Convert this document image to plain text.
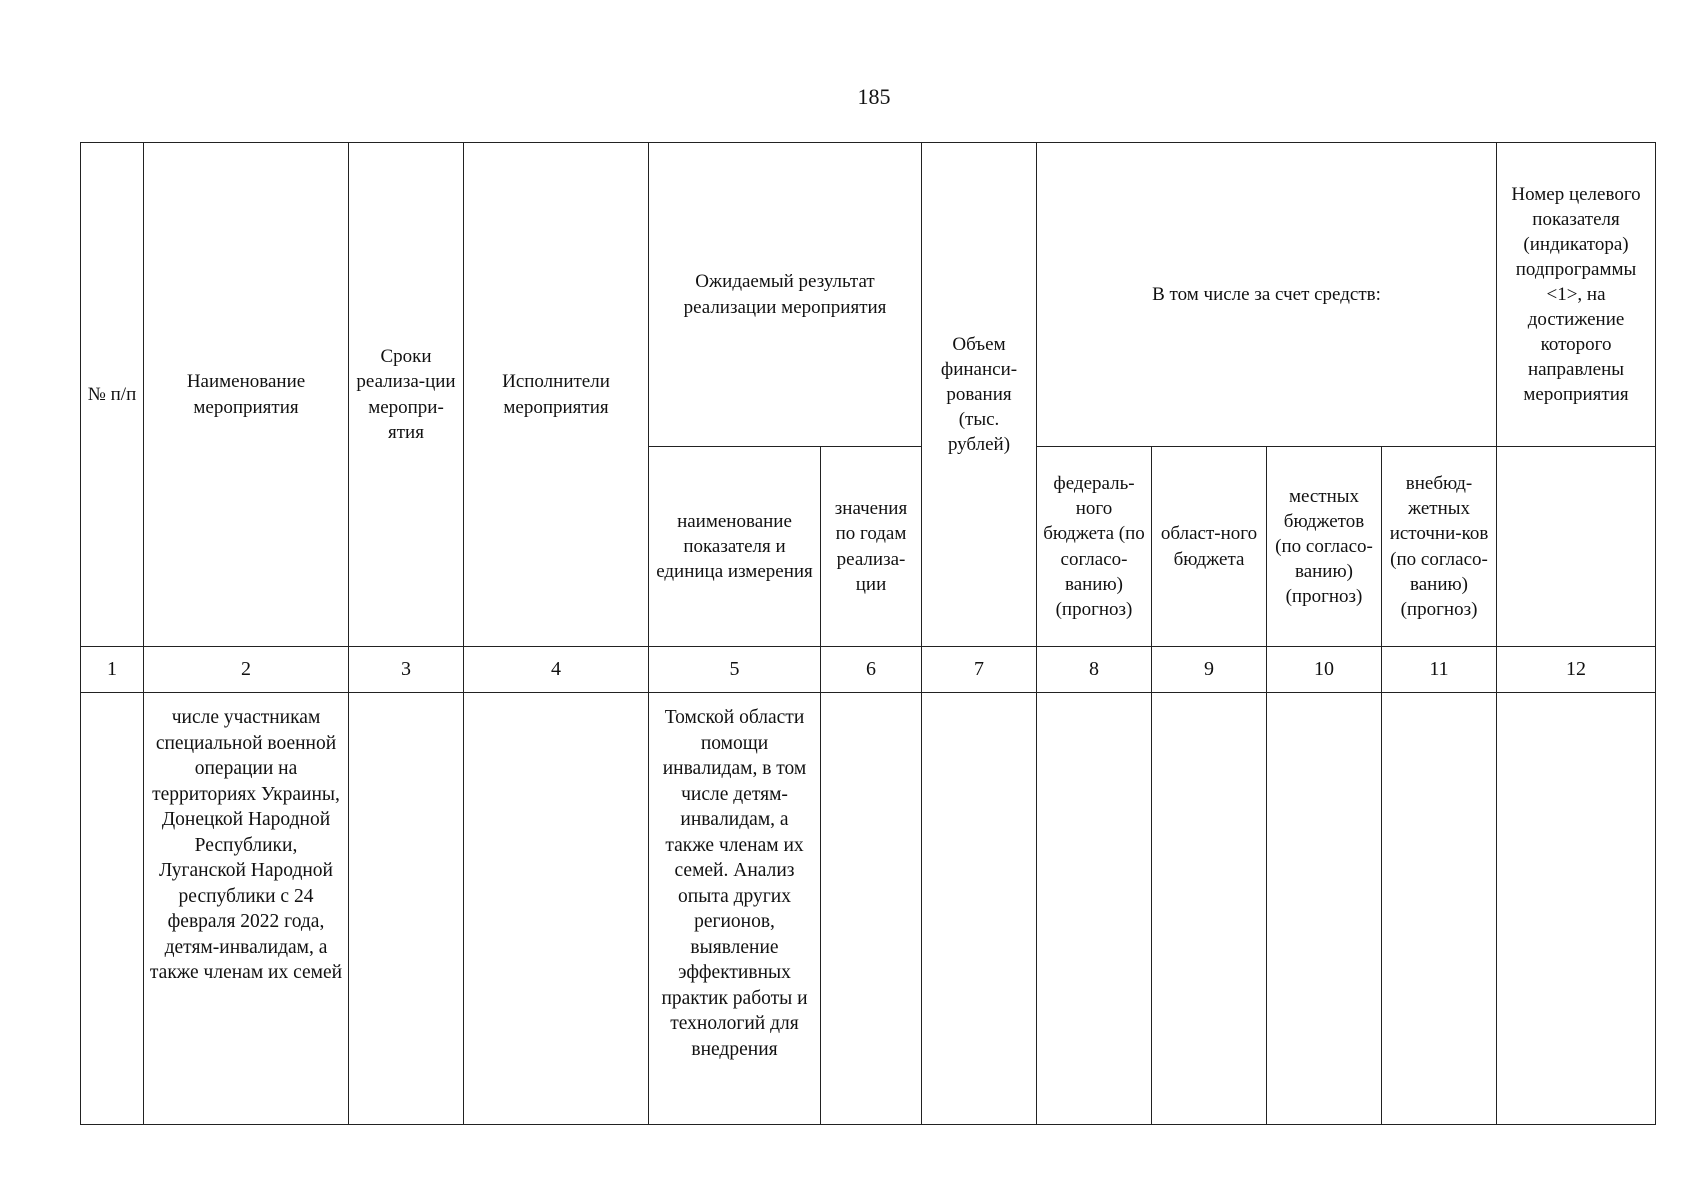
185
№ п/п	Наименование мероприятия	Сроки реализа-ции меропри-ятия	Исполнители мероприятия	Ожидаемый результат реализации мероприятия		Объем финанси-рования (тыс. рублей)	В том числе за счет средств:				Номер целевого показателя (индикатора) подпрограммы <1>, на достижение которого направлены мероприятия
				наименование показателя и единица измерения	значения по годам реализа-ции		федераль-ного бюджета (по согласо-ванию) (прогноз)	област-ного бюджета	местных бюджетов (по согласо-ванию) (прогноз)	внебюд-жетных источни-ков (по согласо-ванию) (прогноз)	
1	2	3	4	5	6	7	8	9	10	11	12
	числе участникам специальной военной операции на территориях Украины, Донецкой Народной Республики, Луганской Народной республики с 24 февраля 2022 года, детям-инвалидам, а также членам их семей			Томской области помощи инвалидам, в том числе детям-инвалидам, а также членам их семей. Анализ опыта других регионов, выявление эффективных практик работы и технологий для внедрения							
